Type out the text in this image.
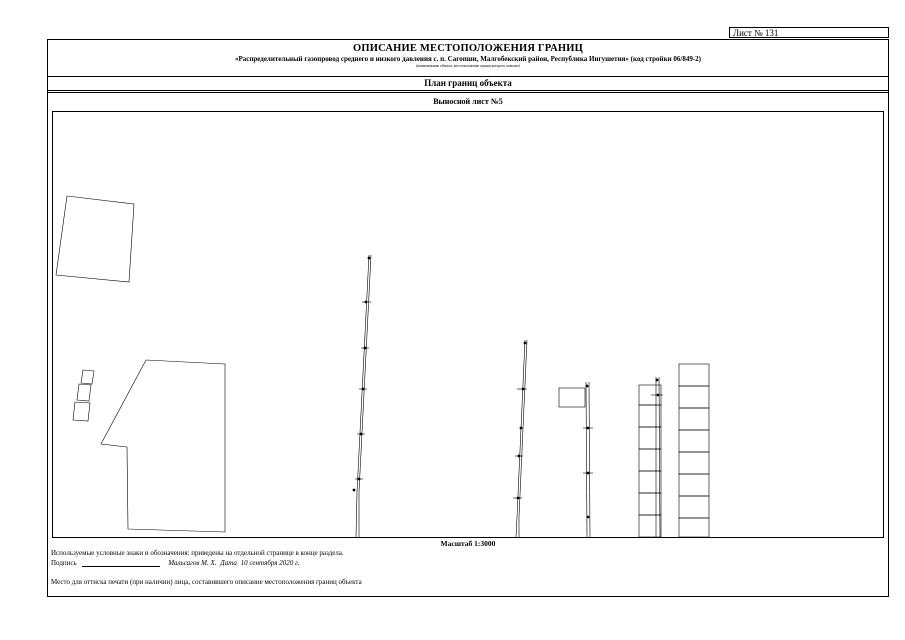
Лист № 131
ОПИСАНИЕ МЕСТОПОЛОЖЕНИЯ ГРАНИЦ
«Распределительный газопровод среднего и низкого давления с. п. Сагопши, Малгобекский район, Республика Ингушетия» (код стройки 06/849-2)
(наименование объекта, местоположение границ которого описано)
План границ объекта
Выносной лист №5
Масштаб 1:3000
Используемые условные знаки и обозначения: приведены на отдельной странице в конце раздела.
Подпись	Мальсагов М. Х. Дата 10 сентября 2020 г.
Место для оттиска печати (при наличии) лица, составившего описание местоположения границ объекта
